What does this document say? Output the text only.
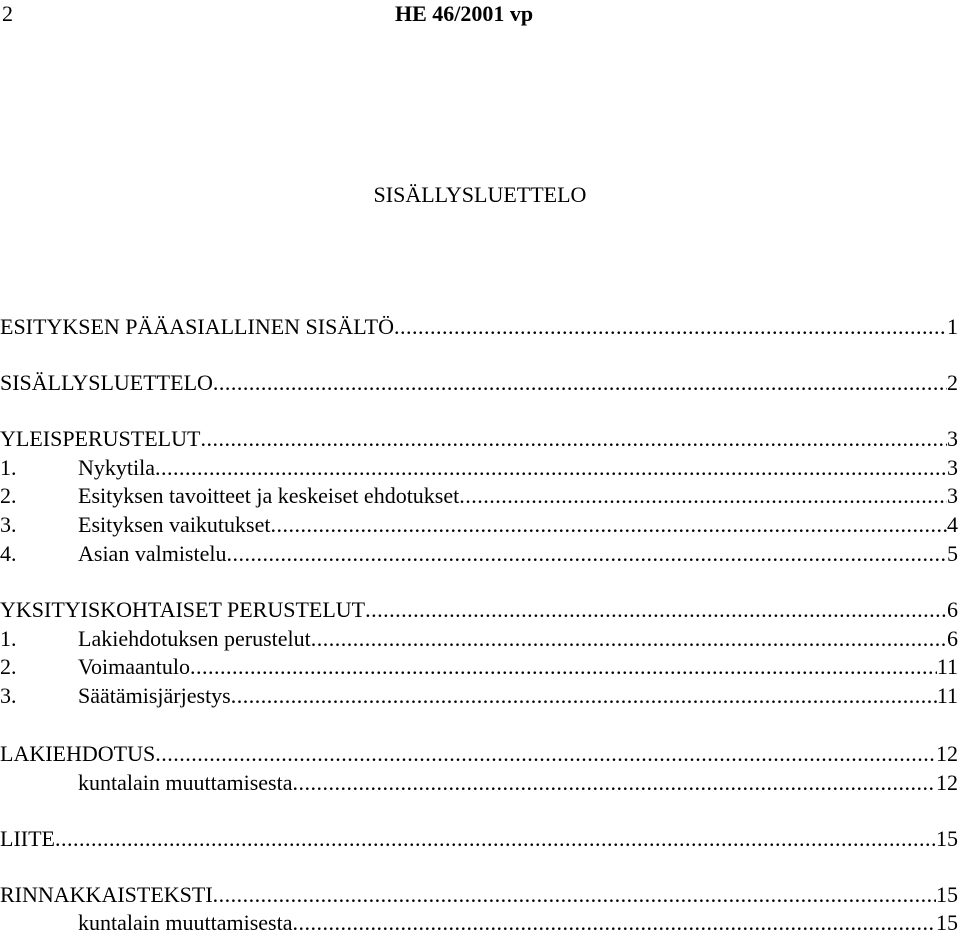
2	HE 46/2001 vp
SISÄLLYSLUETTELO
ESITYKSEN PÄÄASIALLINEN SISÄLTÖ .....	1
SISÄLLYSLUETTELO .....	2
YLEISPERUSTELUT .....	3
1.	Nykytila .....	3
2.	Esityksen tavoitteet ja keskeiset ehdotukset .....	3
3.	Esityksen vaikutukset .....	4
4.	Asian valmistelu .....	5
YKSITYISKOHTAISET PERUSTELUT .....	6
1.	Lakiehdotuksen perustelut .....	6
2.	Voimaantulo .....	11
3.	Säätämisjärjestys .....	11
LAKIEHDOTUS .....	12
kuntalain muuttamisesta .....	12
LIITE .....	15
RINNAKKAISTEKSTI .....	15
kuntalain muuttamisesta .....	15
